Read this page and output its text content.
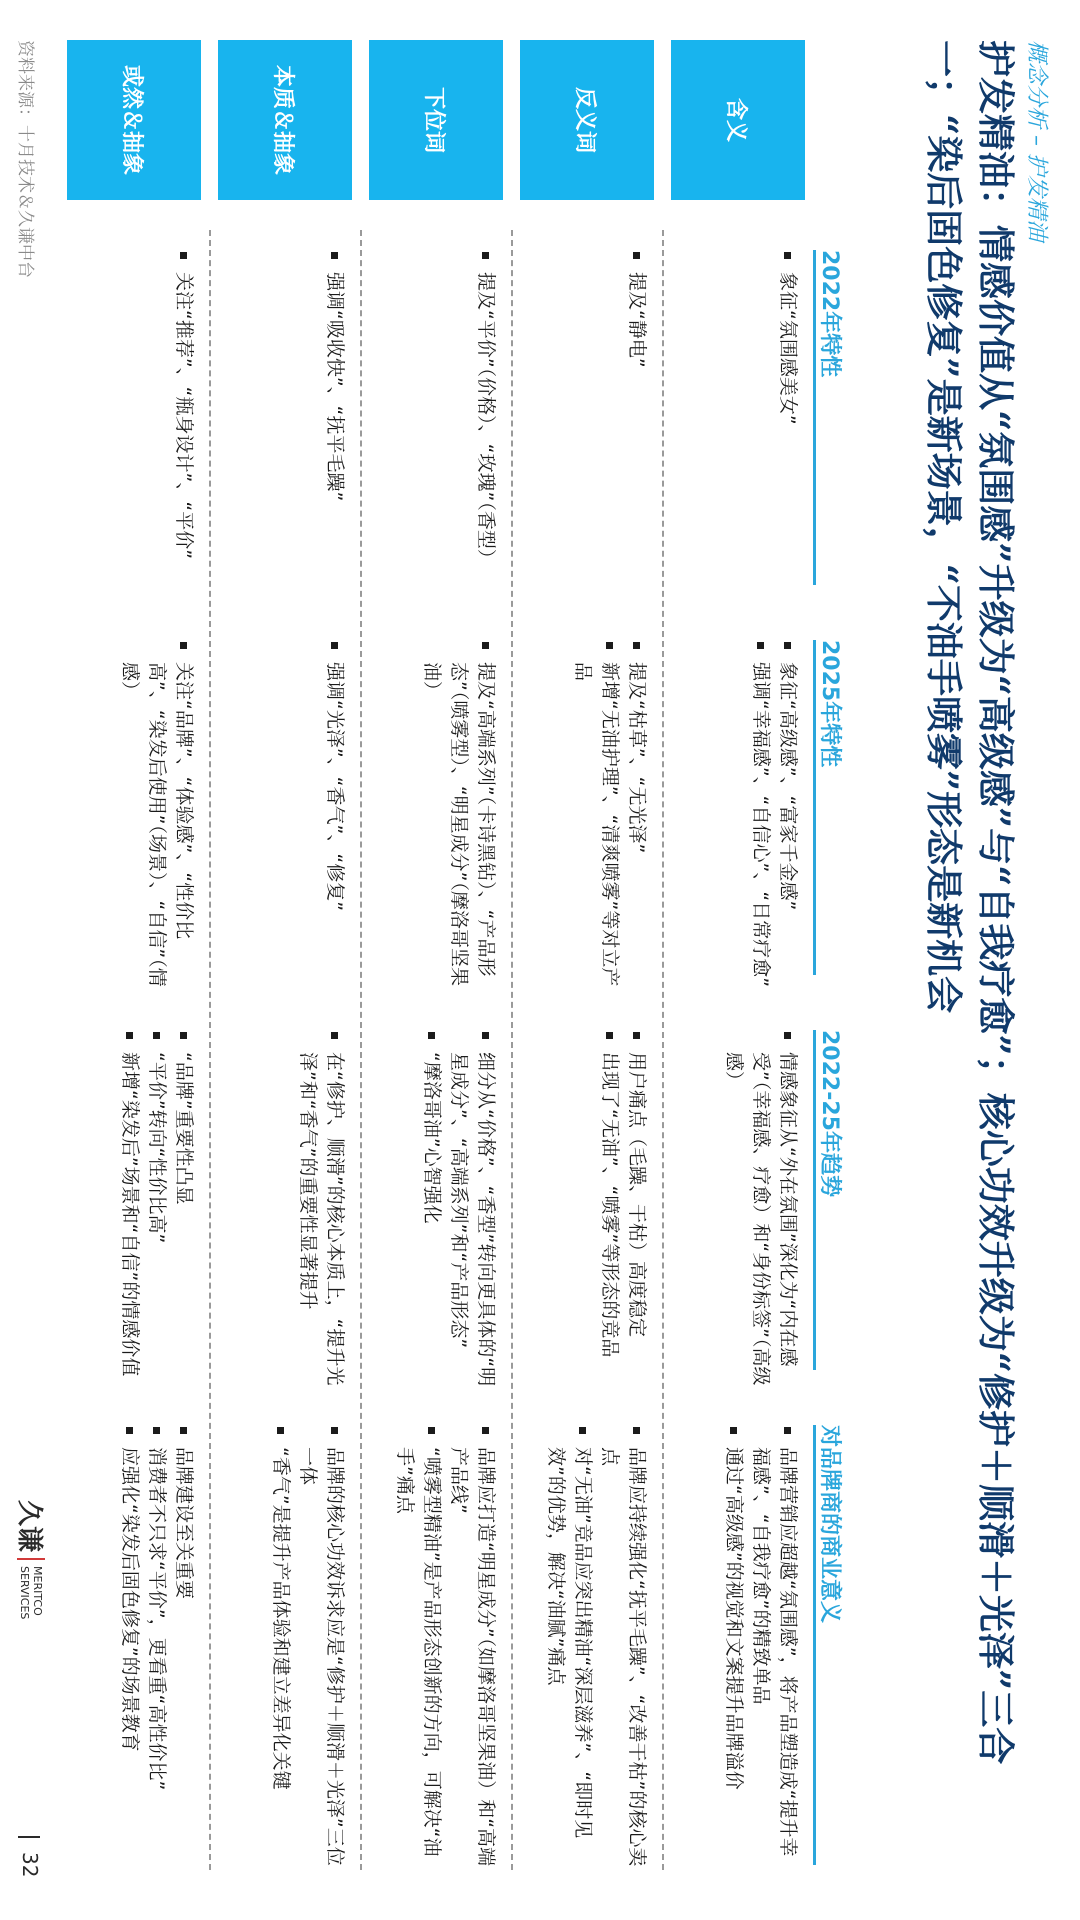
概念分析 – 护发精油
护发精油：情感价值从“氛围感”升级为“高级感”与“自我疗愈”；核心功效升级为“修护＋顺滑＋光泽”三合一；“染后固色修复”是新场景，“不油手喷雾”形态是新机会
2022年特性
2025年特性
2022-25年趋势
对品牌商的商业意义
资料来源：十月技术＆久谦中台
久谦
MERITCO
SERVICES
32
含义
象征“氛围感美女”
象征“高级感”、“富家千金感”
强调“幸福感”、“自信心”、“日常疗愈”
情感象征从“外在氛围”深化为“内在感受”（幸福感、疗愈）和“身份标签”（高级感）
品牌营销应超越“氛围感”，将产品塑造成“提升幸福感”、“自我疗愈”的精致单品
通过“高级感”的视觉和文案提升品牌溢价
反义词
提及“静电”
提及“枯草”、“无光泽”
新增“无油护理”、“清爽喷雾”等对立产品
用户痛点（毛躁、干枯）高度稳定
出现了“无油”、“喷雾”等形态的竞品
品牌应持续强化“抚平毛躁”、“改善干枯”的核心卖点
对“无油”竞品应突出精油“深层滋养”、“即时见效”的优势，解决“油腻”痛点
下位词
提及“平价”（价格）、“玫瑰”（香型）
提及“高端系列”（卡诗黑钻）、“产品形态”（喷雾型）、“明星成分”（摩洛哥坚果油）
细分从“价格”、“香型”转向更具体的“明星成分”、“高端系列”和“产品形态”
“摩洛哥油”心智强化
品牌应打造“明星成分”（如摩洛哥坚果油）和“高端产品线”
“喷雾型精油”是产品形态创新的方向，可解决“油手”痛点
本质＆抽象
强调“吸收快”、“抚平毛躁”
强调“光泽”、“香气”、“修复”
在“修护、顺滑”的核心本质上，“提升光泽”和“香气”的重要性显著提升
品牌的核心功效诉求应是“修护＋顺滑＋光泽”三位一体
“香气”是提升产品体验和建立差异化关键
或然＆抽象
关注“推荐”、“瓶身设计”、“平价”
关注“品牌”、“体验感”、“性价比高”、“染发后使用”（场景）、“自信”（情感）
“品牌”重要性凸显
“平价”转向“性价比高”
新增“染发后”场景和“自信”的情感价值
品牌建设至关重要
消费者不只求“平价”，更看重“高性价比”
应强化“染发后固色修复”的场景教育
